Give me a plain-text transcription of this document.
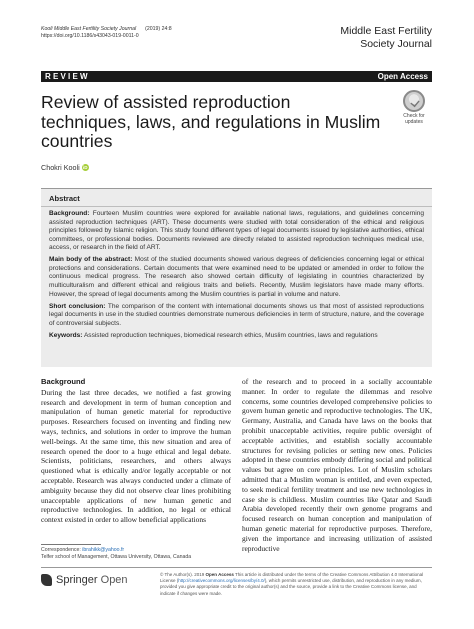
Kooli Middle East Fertility Society Journal (2019) 24:8
https://doi.org/10.1186/s43043-019-0011-0	Middle East Fertility
Society Journal
REVIEW	Open Access
Review of assisted reproduction techniques, laws, and regulations in Muslim countries
Check for
updates
Chokri Kooli iD
Abstract
Background: Fourteen Muslim countries were explored for available national laws, regulations, and guidelines concerning assisted reproduction techniques (ART). These documents were studied with total consideration of the ethical and religious principles followed by Islamic religion. This study found different types of legal documents issued by legislative authorities, ethical committees, or professional bodies. Documents reviewed are directly related to assisted reproduction techniques medical use, access, or research in the field of ART.
Main body of the abstract: Most of the studied documents showed various degrees of deficiencies concerning legal or ethical protections and considerations. Certain documents that were examined need to be updated or amended in order to follow the continuous medical progress. The research also showed certain difficulty of legislating in countries characterized by multiculturalism and different ethical and religious traits and beliefs. Recently, Muslim legislators have made many efforts. However, the spread of legal documents among the Muslim countries is partial in volume and nature.
Short conclusion: The comparison of the content with international documents shows us that most of assisted reproductions legal documents in use in the studied countries demonstrate numerous deficiencies in term of structure, nature, and the coverage of controversial subjects.
Keywords: Assisted reproduction techniques, biomedical research ethics, Muslim countries, laws and regulations
Background
During the last three decades, we notified a fast growing research and development in term of human conception and manipulation of human genetic material for reproductive purposes. Researchers focused on inventing and finding new ways, technics, and solutions in order to improve the human well-beings. At the same time, this new situation and area of research opened the door to a huge ethical and legal debate. Scientists, politicians, researchers, and others always questioned what is ethically and/or legally acceptable or not acceptable. Research was always conducted under a climate of ambiguity because they did not observe clear lines prohibiting unacceptable applications of new human genetic and reproductive technologies. In addition, no legal or ethical context existed in order to allow beneficial applications
of the research and to proceed in a socially accountable manner. In order to regulate the dilemmas and resolve concerns, some countries developed comprehensive policies to govern human genetic and reproductive technologies. The UK, Germany, Australia, and Canada have laws on the books that prohibit unacceptable activities, require public oversight of acceptable activities, and establish socially accountable structures for revising policies or setting new ones. Policies adopted in these countries embody differing social and political values but agree on core principles. Lot of Muslim scholars admitted that a Muslim woman is entitled, and even expected, to seek medical fertility treatment and use new technologies in case she is childless. Muslim countries like Qatar and Saudi Arabia developed recently their own genome programs and focused research on human conception and manipulation of human genetic material for reproductive purposes. Therefore, given the importance and increasing utilization of assisted reproductive
Correspondence: ibrahikk@yahoo.fr
Telfer school of Management, Ottawa University, Ottawa, Canada
Springer Open	© The Author(s). 2019 Open Access This article is distributed under the terms of the Creative Commons Attribution 4.0 International License (http://creativecommons.org/licenses/by/4.0/), which permits unrestricted use, distribution, and reproduction in any medium, provided you give appropriate credit to the original author(s) and the source, provide a link to the Creative Commons license, and indicate if changes were made.
